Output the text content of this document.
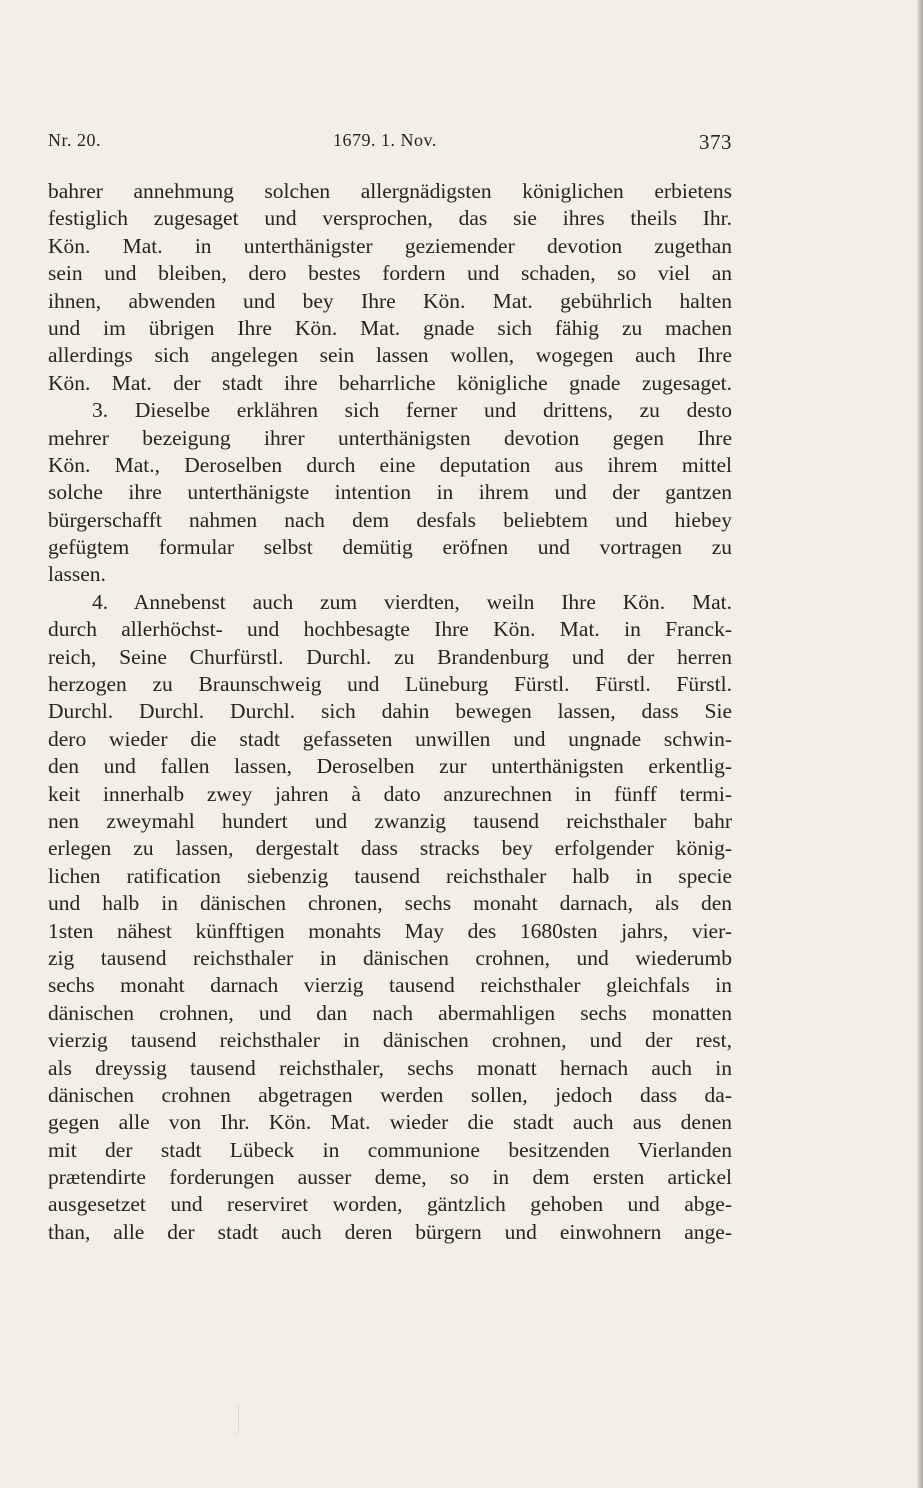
Nr. 20.	1679. 1. Nov.	373
bahrer annehmung solchen allergnädigsten königlichen erbietens
festiglich zugesaget und versprochen, das sie ihres theils Ihr.
Kön. Mat. in unterthänigster geziemender devotion zugethan
sein und bleiben, dero bestes fordern und schaden, so viel an
ihnen, abwenden und bey Ihre Kön. Mat. gebührlich halten
und im übrigen Ihre Kön. Mat. gnade sich fähig zu machen
allerdings sich angelegen sein lassen wollen, wogegen auch Ihre
Kön. Mat. der stadt ihre beharrliche königliche gnade zugesaget.
3. Dieselbe erklähren sich ferner und drittens, zu desto
mehrer bezeigung ihrer unterthänigsten devotion gegen Ihre
Kön. Mat., Deroselben durch eine deputation aus ihrem mittel
solche ihre unterthänigste intention in ihrem und der gantzen
bürgerschafft nahmen nach dem desfals beliebtem und hiebey
gefügtem formular selbst demütig eröfnen und vortragen zu
lassen.
4. Annebenst auch zum vierdten, weiln Ihre Kön. Mat.
durch allerhöchst- und hochbesagte Ihre Kön. Mat. in Franck-
reich, Seine Churfürstl. Durchl. zu Brandenburg und der herren
herzogen zu Braunschweig und Lüneburg Fürstl. Fürstl. Fürstl.
Durchl. Durchl. Durchl. sich dahin bewegen lassen, dass Sie
dero wieder die stadt gefasseten unwillen und ungnade schwin-
den und fallen lassen, Deroselben zur unterthänigsten erkentlig-
keit innerhalb zwey jahren à dato anzurechnen in fünff termi-
nen zweymahl hundert und zwanzig tausend reichsthaler bahr
erlegen zu lassen, dergestalt dass stracks bey erfolgender könig-
lichen ratification siebenzig tausend reichsthaler halb in specie
und halb in dänischen chronen, sechs monaht darnach, als den
1sten nähest künfftigen monahts May des 1680sten jahrs, vier-
zig tausend reichsthaler in dänischen crohnen, und wiederumb
sechs monaht darnach vierzig tausend reichsthaler gleichfals in
dänischen crohnen, und dan nach abermahligen sechs monatten
vierzig tausend reichsthaler in dänischen crohnen, und der rest,
als dreyssig tausend reichsthaler, sechs monatt hernach auch in
dänischen crohnen abgetragen werden sollen, jedoch dass da-
gegen alle von Ihr. Kön. Mat. wieder die stadt auch aus denen
mit der stadt Lübeck in communione besitzenden Vierlanden
prætendirte forderungen ausser deme, so in dem ersten artickel
ausgesetzet und reserviret worden, gäntzlich gehoben und abge-
than, alle der stadt auch deren bürgern und einwohnern ange-
